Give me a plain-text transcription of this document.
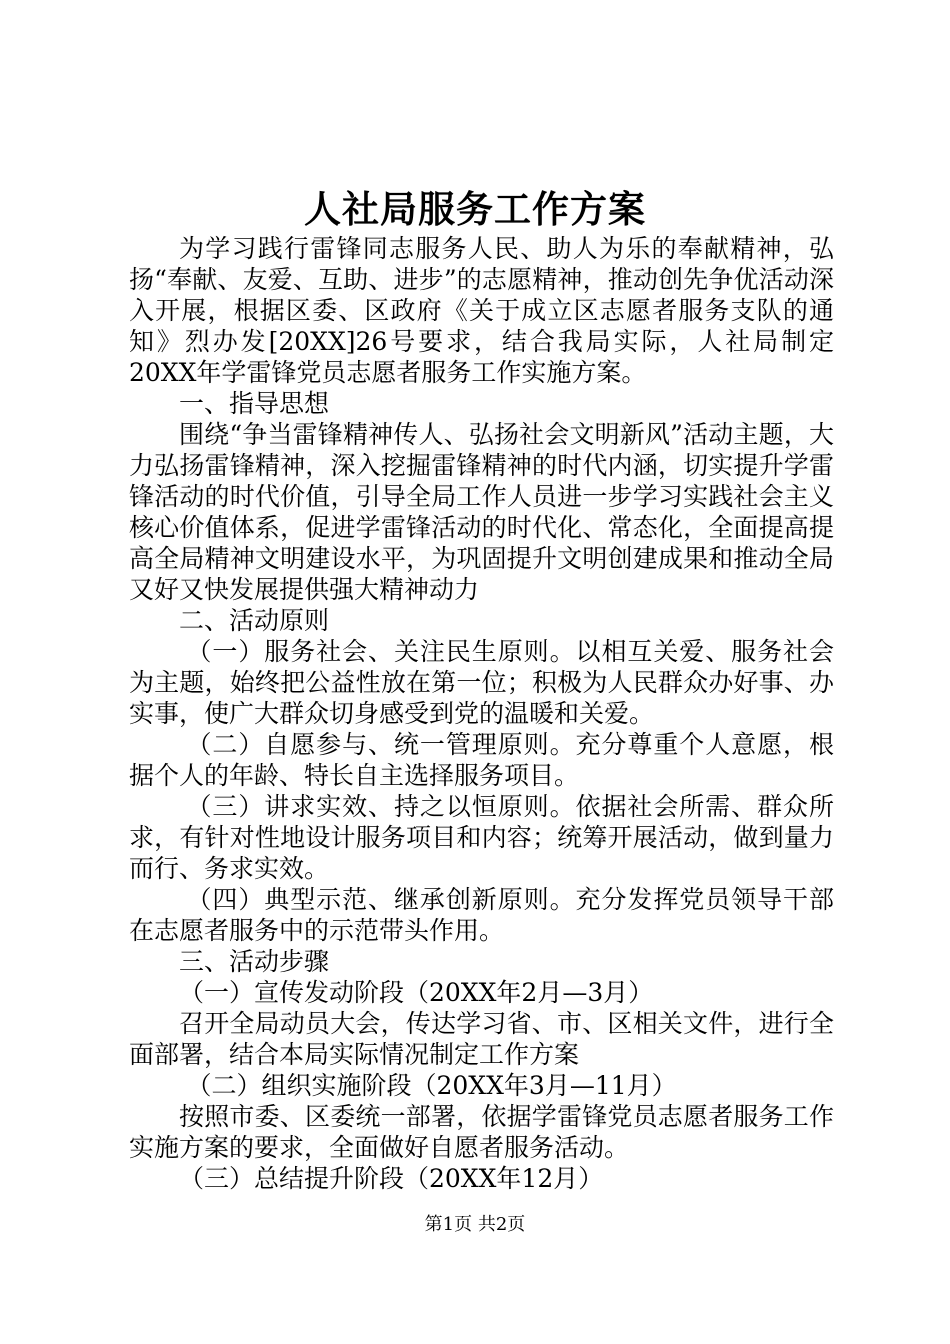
人社局服务工作方案

为学习践行雷锋同志服务人民、助人为乐的奉献精神，弘扬“奉献、友爱、互助、进步”的志愿精神，推动创先争优活动深入开展，根据区委、区政府《关于成立区志愿者服务支队的通知》烈办发[20XX]26号要求，结合我局实际，人社局制定20XX年学雷锋党员志愿者服务工作实施方案。

一、指导思想

围绕“争当雷锋精神传人、弘扬社会文明新风”活动主题，大力弘扬雷锋精神，深入挖掘雷锋精神的时代内涵，切实提升学雷锋活动的时代价值，引导全局工作人员进一步学习实践社会主义核心价值体系，促进学雷锋活动的时代化、常态化，全面提高提高全局精神文明建设水平，为巩固提升文明创建成果和推动全局又好又快发展提供强大精神动力

二、活动原则

（一）服务社会、关注民生原则。以相互关爱、服务社会为主题，始终把公益性放在第一位；积极为人民群众办好事、办实事，使广大群众切身感受到党的温暖和关爱。

（二）自愿参与、统一管理原则。充分尊重个人意愿，根据个人的年龄、特长自主选择服务项目。

（三）讲求实效、持之以恒原则。依据社会所需、群众所求，有针对性地设计服务项目和内容；统筹开展活动，做到量力而行、务求实效。

（四）典型示范、继承创新原则。充分发挥党员领导干部在志愿者服务中的示范带头作用。

三、活动步骤

（一）宣传发动阶段（20XX年2月—3月）

召开全局动员大会，传达学习省、市、区相关文件，进行全面部署，结合本局实际情况制定工作方案

（二）组织实施阶段（20XX年3月—11月）

按照市委、区委统一部署，依据学雷锋党员志愿者服务工作实施方案的要求，全面做好自愿者服务活动。

（三）总结提升阶段（20XX年12月）

第1页 共2页
